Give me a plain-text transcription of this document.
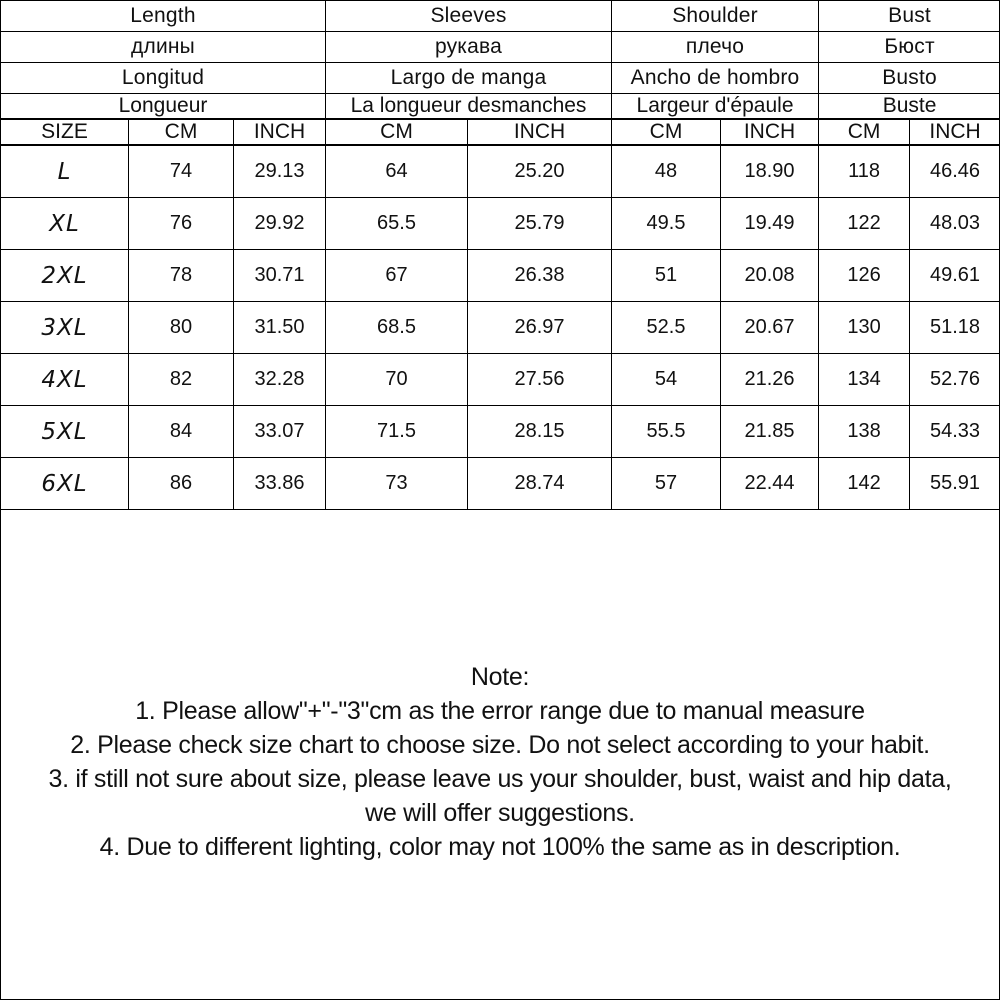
Length			Sleeves		Shoulder		Bust	
длины			рукава		плечо		Бюст	
Longitud			Largo de manga		Ancho de hombro		Busto	
Longueur			La longueur desmanches		Largeur d'épaule		Buste	
SIZE	CM	INCH	CM	INCH	CM	INCH	CM	INCH
L	74	29.13	64	25.20	48	18.90	118	46.46
XL	76	29.92	65.5	25.79	49.5	19.49	122	48.03
2XL	78	30.71	67	26.38	51	20.08	126	49.61
3XL	80	31.50	68.5	26.97	52.5	20.67	130	51.18
4XL	82	32.28	70	27.56	54	21.26	134	52.76
5XL	84	33.07	71.5	28.15	55.5	21.85	138	54.33
6XL	86	33.86	73	28.74	57	22.44	142	55.91
Note:
1. Please allow"+"-"3"cm as the error range due to manual measure
2. Please check size chart to choose size. Do not select according to your habit.
3. if still not sure about size, please leave us your shoulder, bust, waist and hip data,
we will offer suggestions.
4. Due to different lighting, color may not 100% the same as in description.
